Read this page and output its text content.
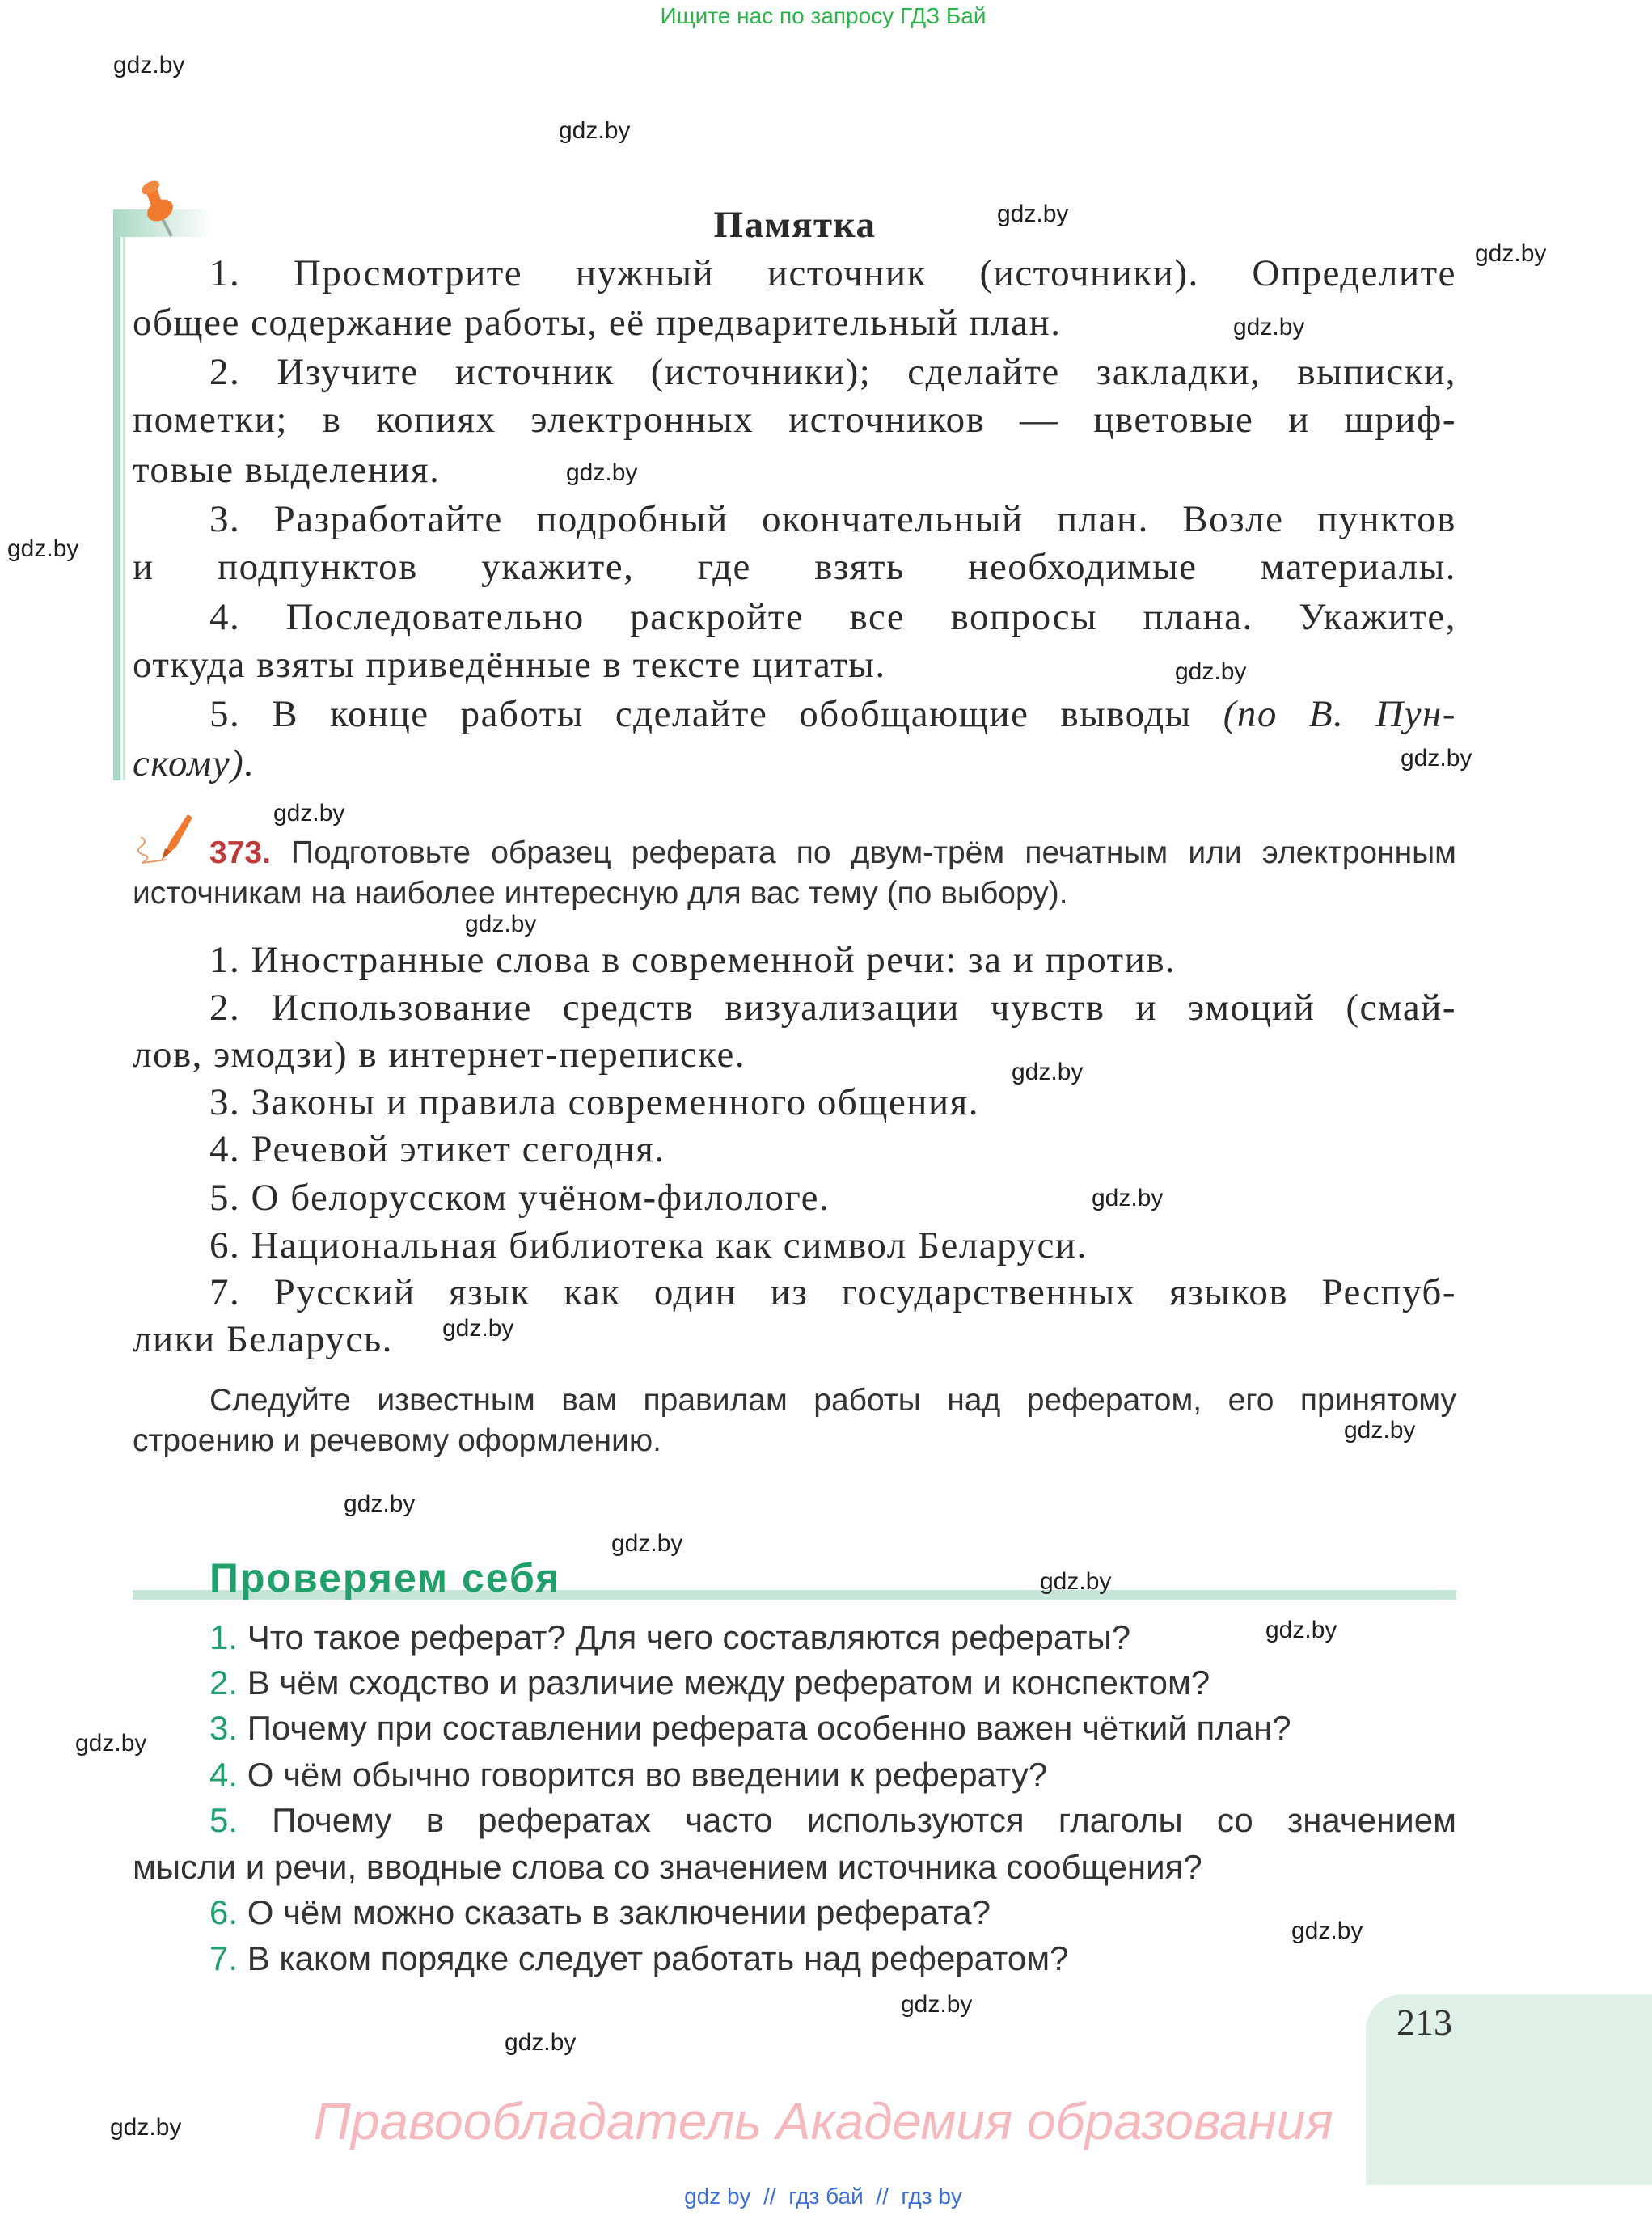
Ищите нас по запросу ГДЗ Бай
Памятка
1. Просмотрите нужный источник (источники). Определите
общее содержание работы, её предварительный план.
2. Изучите источник (источники); сделайте закладки, выписки,
пометки; в копиях электронных источников — цветовые и шриф-
товые выделения.
3. Разработайте подробный окончательный план. Возле пунктов
и подпунктов укажите, где взять необходимые материалы.
4. Последовательно раскройте все вопросы плана. Укажите,
откуда взяты приведённые в тексте цитаты.
5. В конце работы сделайте обобщающие выводы (по В. Пун-
скому).
373. Подготовьте образец реферата по двум-трём печатным или электронным
источникам на наиболее интересную для вас тему (по выбору).
1. Иностранные слова в современной речи: за и против.
2. Использование средств визуализации чувств и эмоций (смай-
лов, эмодзи) в интернет-переписке.
3. Законы и правила современного общения.
4. Речевой этикет сегодня.
5. О белорусском учёном-филологе.
6. Национальная библиотека как символ Беларуси.
7. Русский язык как один из государственных языков Респуб-
лики Беларусь.
Следуйте известным вам правилам работы над рефератом, его принятому
строению и речевому оформлению.
Проверяем себя
1. Что такое реферат? Для чего составляются рефераты?
2. В чём сходство и различие между рефератом и конспектом?
3. Почему при составлении реферата особенно важен чёткий план?
4. О чём обычно говорится во введении к реферату?
5. Почему в рефератах часто используются глаголы со значением
мысли и речи, вводные слова со значением источника сообщения?
6. О чём можно сказать в заключении реферата?
7. В каком порядке следует работать над рефератом?
213
Правообладатель Академия образования
gdz by  //  гдз бай  //  гдз by
gdz.by
gdz.by
gdz.by
gdz.by
gdz.by
gdz.by
gdz.by
gdz.by
gdz.by
gdz.by
gdz.by
gdz.by
gdz.by
gdz.by
gdz.by
gdz.by
gdz.by
gdz.by
gdz.by
gdz.by
gdz.by
gdz.by
gdz.by
gdz.by
